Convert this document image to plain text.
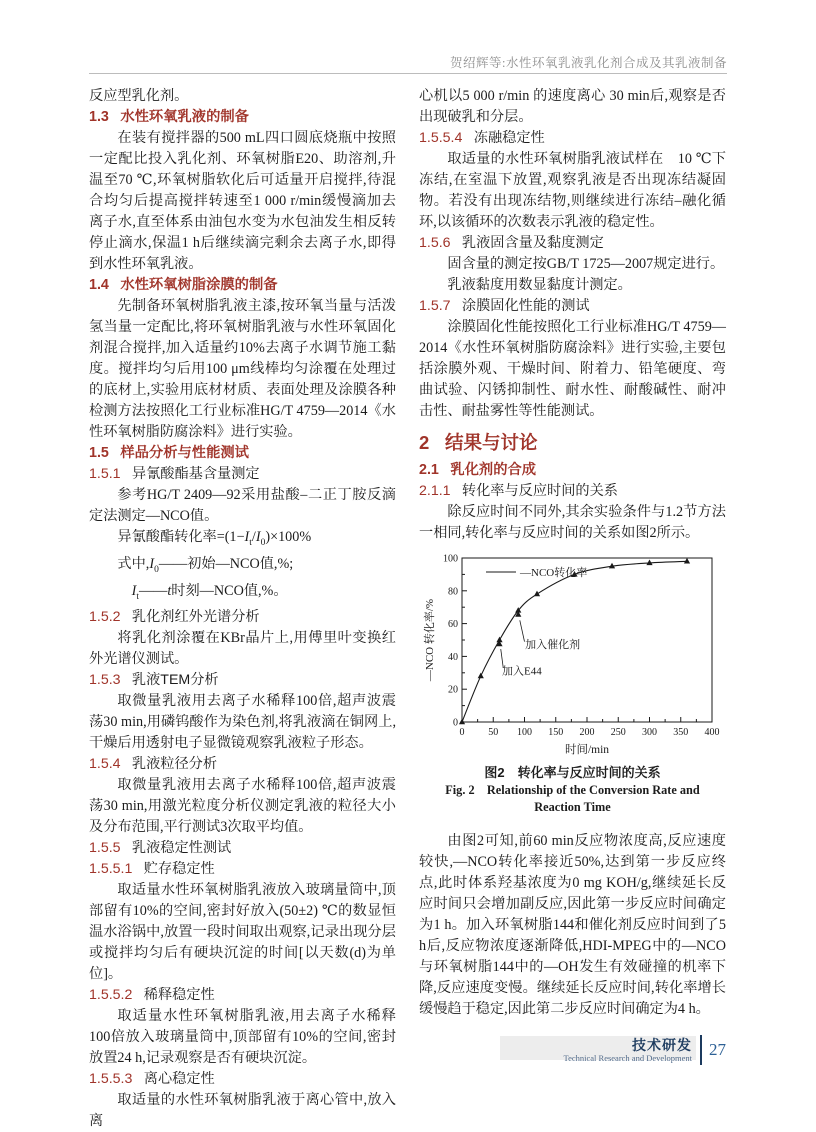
贺绍辉等:水性环氧乳液乳化剂合成及其乳液制备

反应型乳化剂。

1.3 水性环氧乳液的制备

在装有搅拌器的500 mL四口圆底烧瓶中按照一定配比投入乳化剂、环氧树脂E20、助溶剂,升温至70 ℃,环氧树脂软化后可适量开启搅拌,待混合均匀后提高搅拌转速至1 000 r/min缓慢滴加去离子水,直至体系由油包水变为水包油发生相反转停止滴水,保温1 h后继续滴完剩余去离子水,即得到水性环氧乳液。

1.4 水性环氧树脂涂膜的制备

先制备环氧树脂乳液主漆,按环氧当量与活泼氢当量一定配比,将环氧树脂乳液与水性环氧固化剂混合搅拌,加入适量约10%去离子水调节施工黏度。搅拌均匀后用100 μm线棒均匀涂覆在处理过的底材上,实验用底材材质、表面处理及涂膜各种检测方法按照化工行业标准HG/T 4759—2014《水性环氧树脂防腐涂料》进行实验。

1.5 样品分析与性能测试
1.5.1 异氰酸酯基含量测定

参考HG/T 2409—92采用盐酸–二正丁胺反滴定法测定—NCO值。

异氰酸酯转化率$=(1-I_t/I_0)\times 100\%$

式中$,I_0——$初始—NCO值,%;

$I_t——t$时刻—NCO值,%。

1.5.2 乳化剂红外光谱分析

将乳化剂涂覆在KBr晶片上,用傅里叶变换红外光谱仪测试。

1.5.3 乳液TEM分析

取微量乳液用去离子水稀释100倍,超声波震荡30 min,用磷钨酸作为染色剂,将乳液滴在铜网上,干燥后用透射电子显微镜观察乳液粒子形态。

1.5.4 乳液粒径分析

取微量乳液用去离子水稀释100倍,超声波震荡30 min,用激光粒度分析仪测定乳液的粒径大小及分布范围,平行测试3次取平均值。

1.5.5 乳液稳定性测试
1.5.5.1 贮存稳定性

取适量水性环氧树脂乳液放入玻璃量筒中,顶部留有10%的空间,密封好放入(50±2) ℃的数显恒温水浴锅中,放置一段时间取出观察,记录出现分层或搅拌均匀后有硬块沉淀的时间[以天数(d)为单位]。

1.5.5.2 稀释稳定性

取适量水性环氧树脂乳液,用去离子水稀释100倍放入玻璃量筒中,顶部留有10%的空间,密封放置24 h,记录观察是否有硬块沉淀。

1.5.5.3 离心稳定性

取适量的水性环氧树脂乳液于离心管中,放入离

心机以5 000 r/min 的速度离心 30 min后,观察是否出现破乳和分层。

1.5.5.4 冻融稳定性

取适量的水性环氧树脂乳液试样在　10 ℃下冻结,在室温下放置,观察乳液是否出现冻结凝固物。若没有出现冻结物,则继续进行冻结–融化循环,以该循环的次数表示乳液的稳定性。

1.5.6 乳液固含量及黏度测定

固含量的测定按GB/T 1725—2007规定进行。

乳液黏度用数显黏度计测定。

1.5.7 涂膜固化性能的测试

涂膜固化性能按照化工行业标准HG/T 4759—2014《水性环氧树脂防腐涂料》进行实验,主要包括涂膜外观、干燥时间、附着力、铅笔硬度、弯曲试验、闪锈抑制性、耐水性、耐酸碱性、耐冲击性、耐盐雾性等性能测试。

2 结果与讨论
2.1 乳化剂的合成
2.1.1 转化率与反应时间的关系

除反应时间不同外,其余实验条件与1.2节方法一相同,转化率与反应时间的关系如图2所示。

0 50 100 150 200 250 300 350 400
0
20
40
60
80
100
—NCO转化率
加入催化剂
加入E44
时间/min
—NCO 转化率/%
图2　转化率与反应时间的关系
Fig. 2　Relationship of the Conversion Rate and
Reaction Time

由图2可知,前60 min反应物浓度高,反应速度较快,—NCO转化率接近50%,达到第一步反应终点,此时体系羟基浓度为0 mg KOH/g,继续延长反应时间只会增加副反应,因此第一步反应时间确定为1 h。加入环氧树脂144和催化剂反应时间到了5 h后,反应物浓度逐渐降低,HDI-MPEG中的—NCO与环氧树脂144中的—OH发生有效碰撞的机率下降,反应速度变慢。继续延长反应时间,转化率增长缓慢趋于稳定,因此第二步反应时间确定为4 h。

技术研发
Technical Research and Development 27
